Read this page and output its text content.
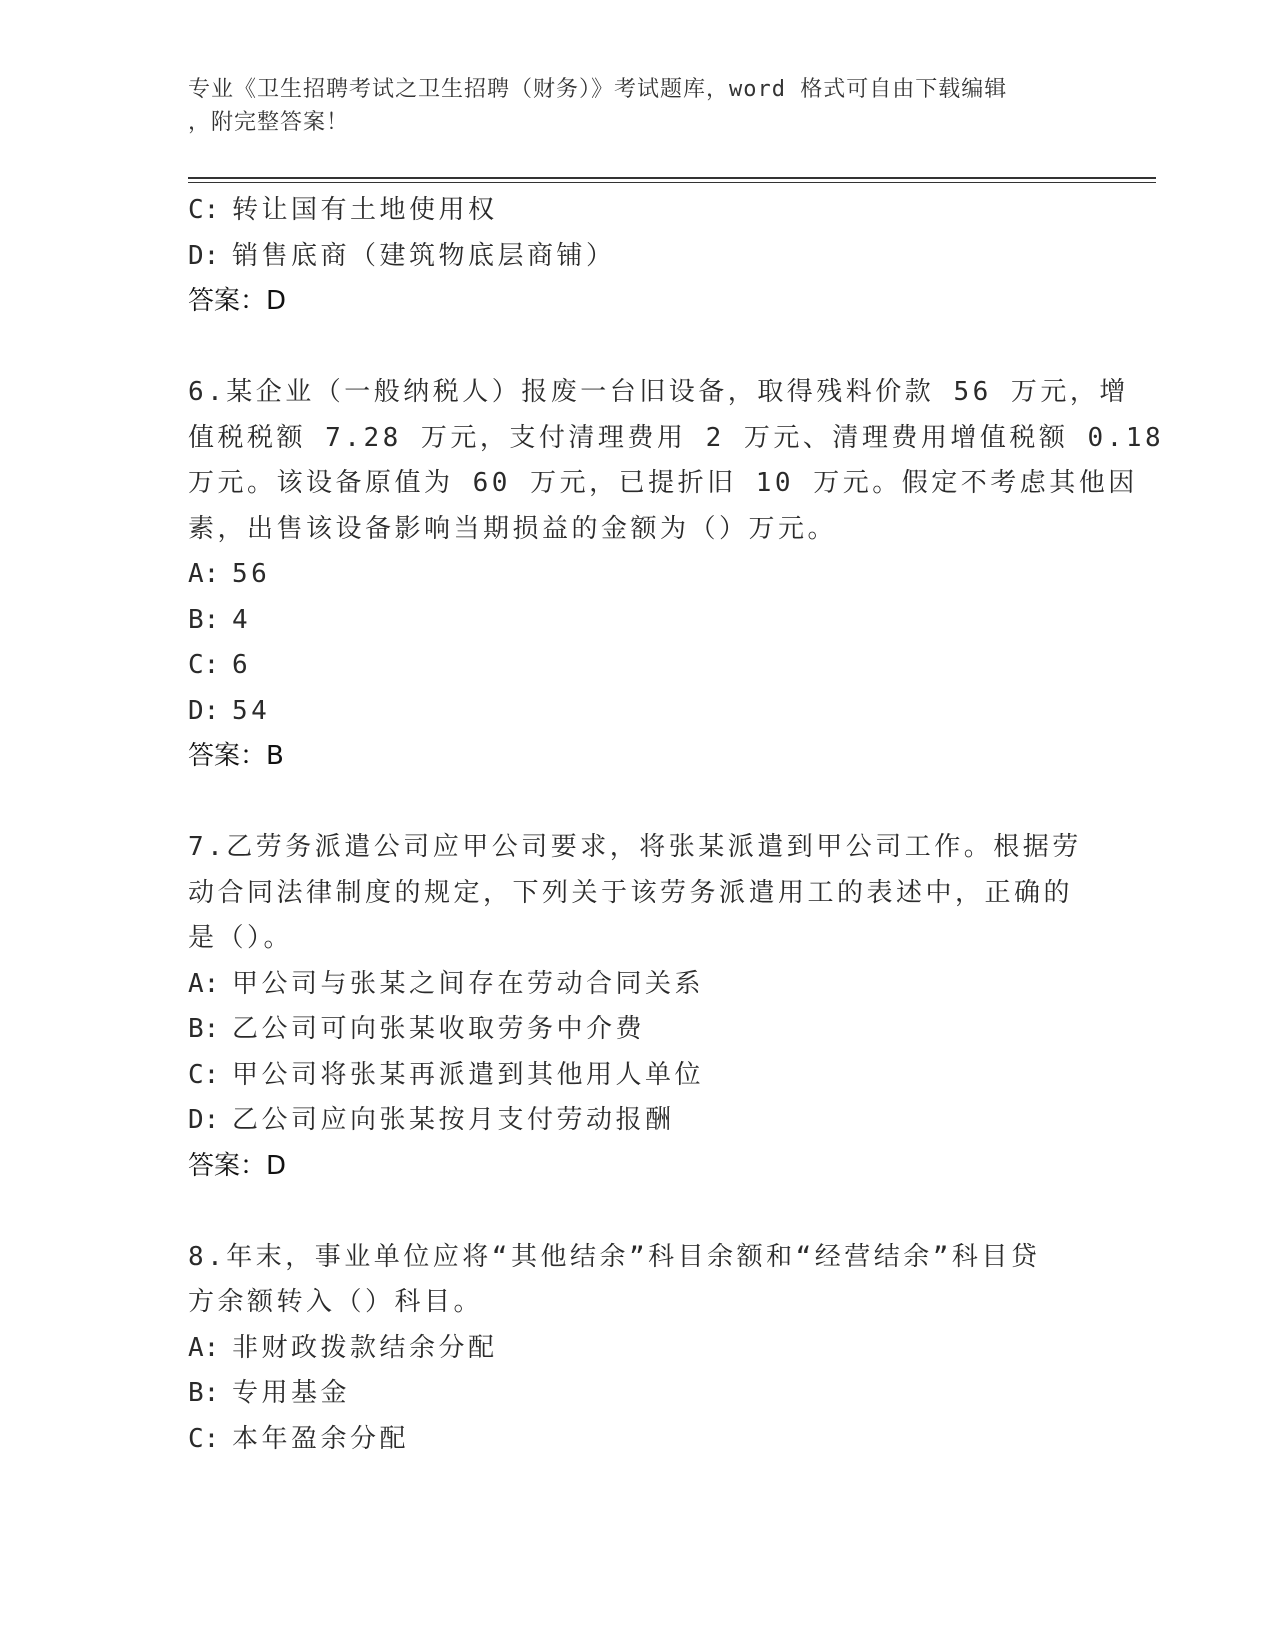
专业《卫生招聘考试之卫生招聘（财务）》考试题库，word 格式可自由下载编辑
，附完整答案！
C: 转让国有土地使用权
D: 销售底商（建筑物底层商铺）
答案：D
6.某企业（一般纳税人）报废一台旧设备，取得残料价款 56 万元，增
值税税额 7.28 万元，支付清理费用 2 万元、清理费用增值税额 0.18
万元。该设备原值为 60 万元，已提折旧 10 万元。假定不考虑其他因
素，出售该设备影响当期损益的金额为（）万元。
A: 56
B: 4
C: 6
D: 54
答案：B
7.乙劳务派遣公司应甲公司要求，将张某派遣到甲公司工作。根据劳
动合同法律制度的规定，下列关于该劳务派遣用工的表述中，正确的
是（）。
A: 甲公司与张某之间存在劳动合同关系
B: 乙公司可向张某收取劳务中介费
C: 甲公司将张某再派遣到其他用人单位
D: 乙公司应向张某按月支付劳动报酬
答案：D
8.年末，事业单位应将“其他结余”科目余额和“经营结余”科目贷
方余额转入（）科目。
A: 非财政拨款结余分配
B: 专用基金
C: 本年盈余分配
